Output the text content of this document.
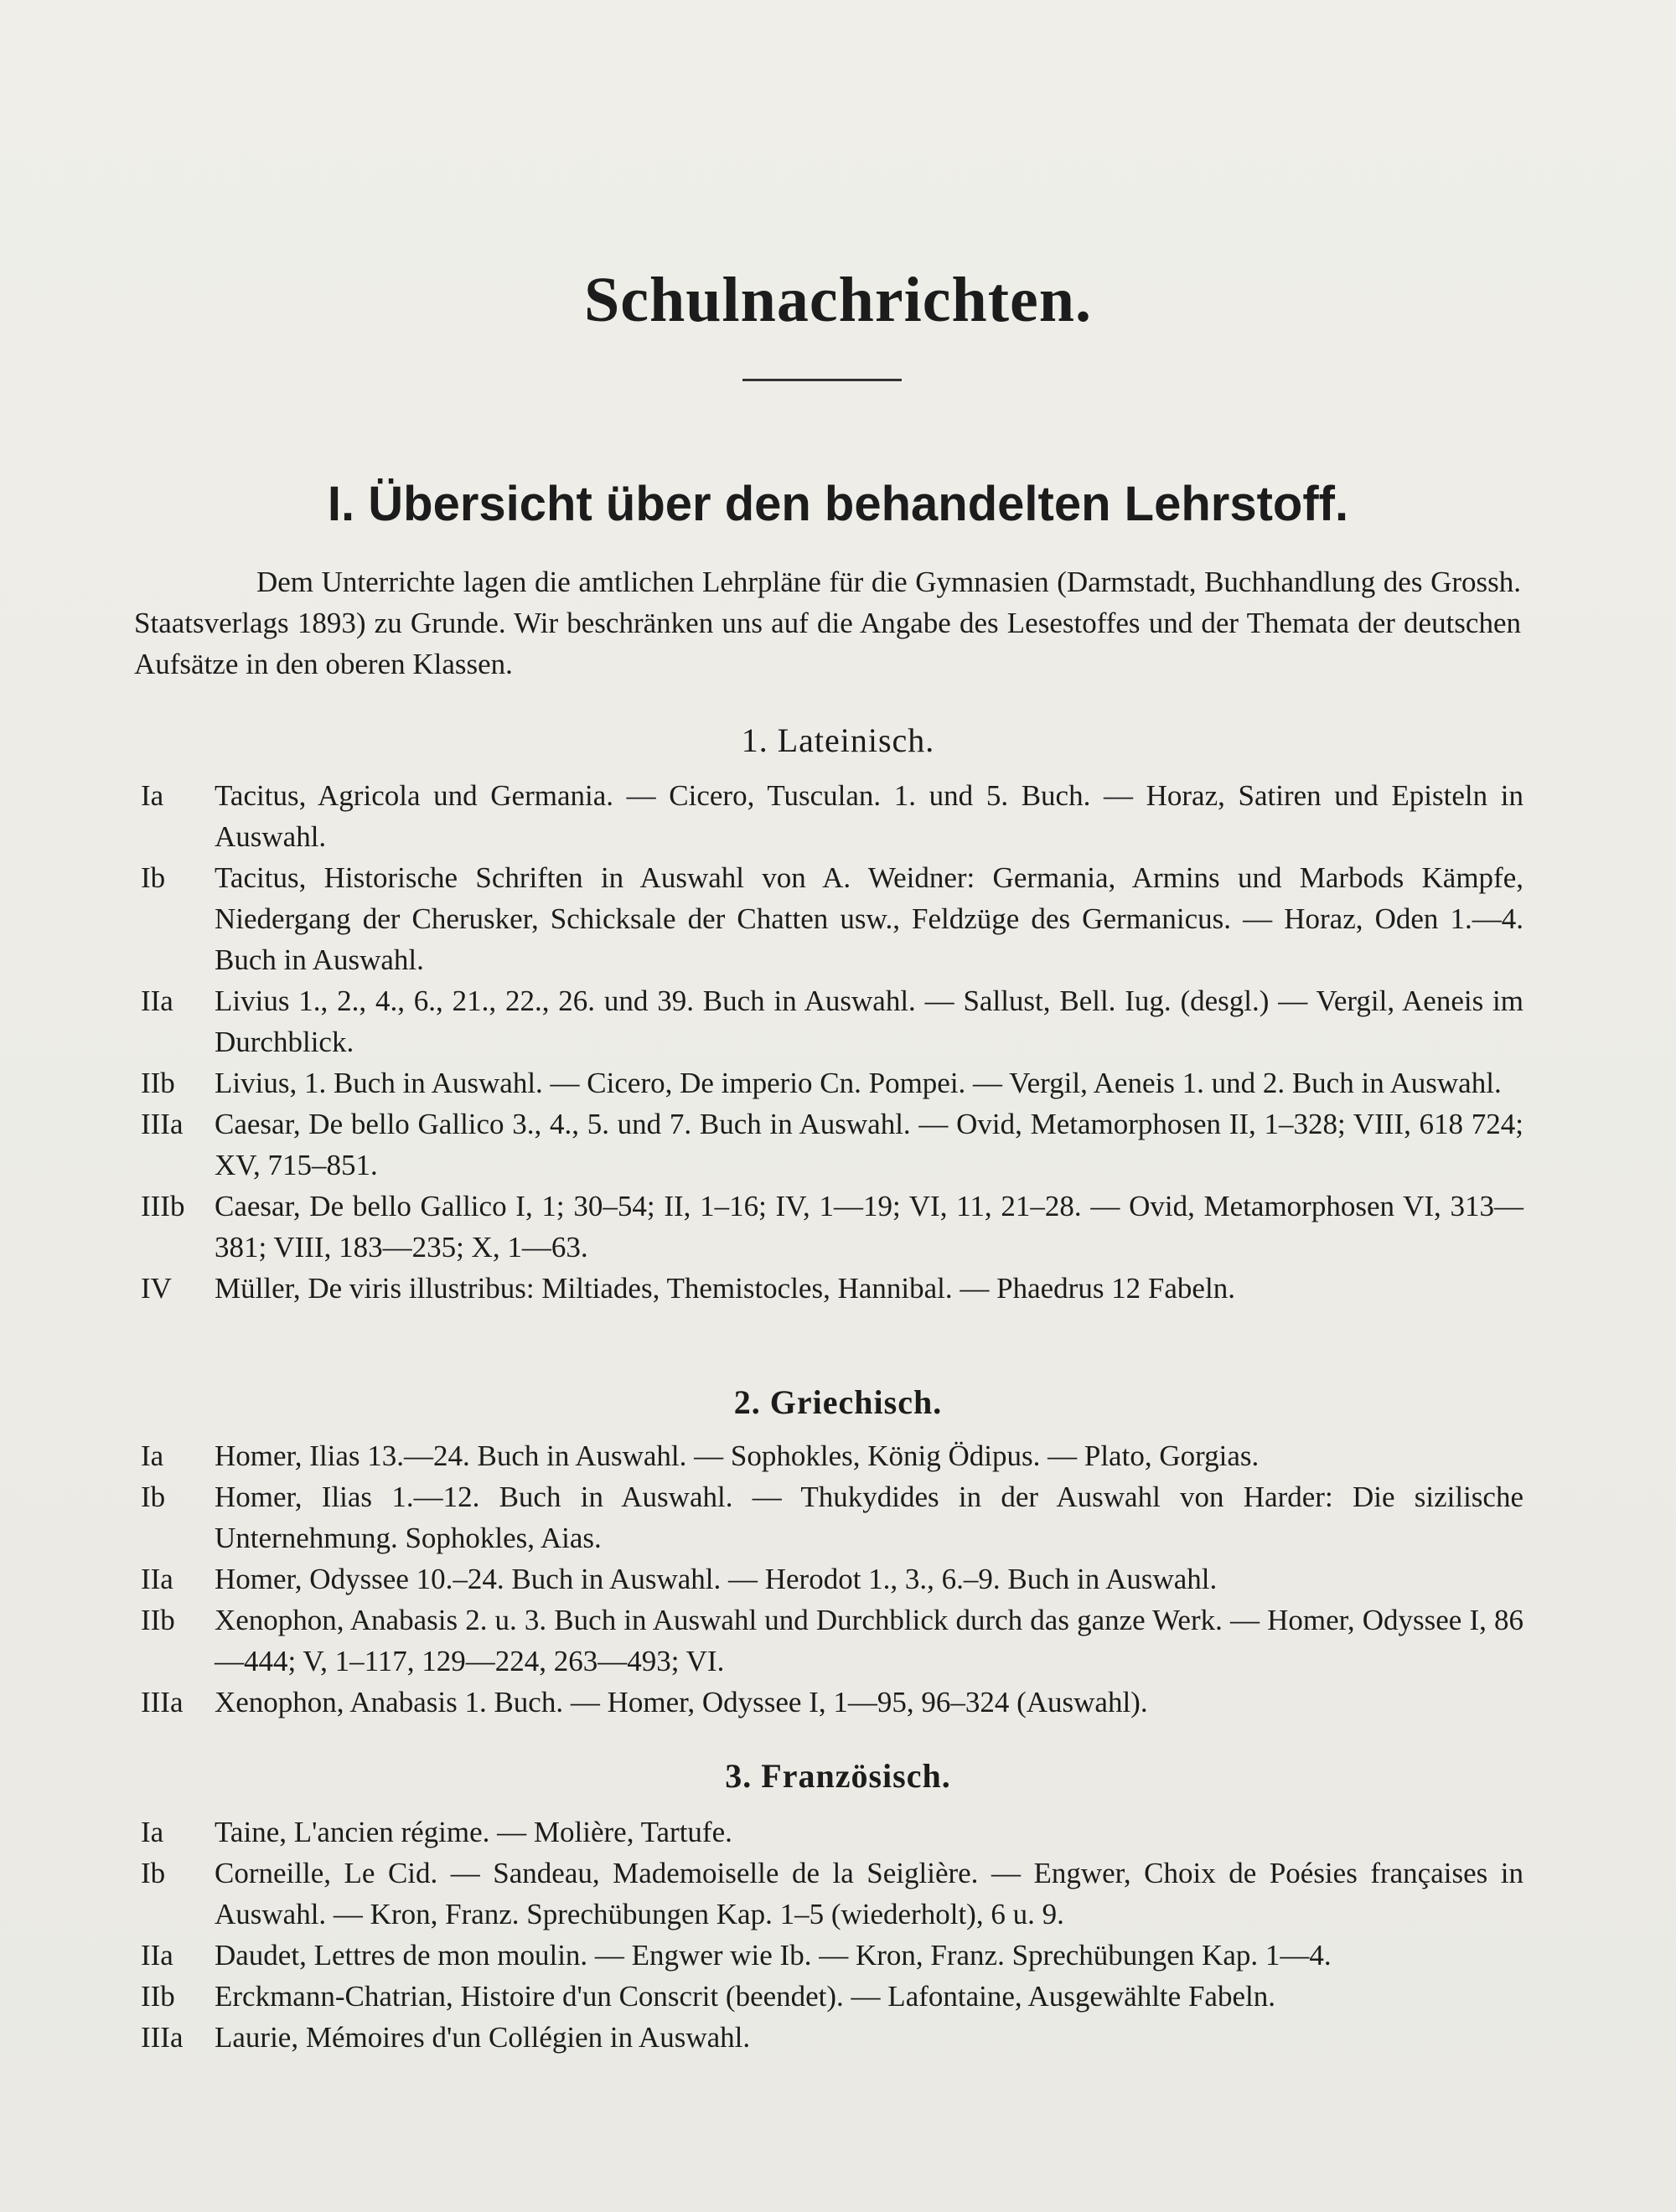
Schulnachrichten.
I. Übersicht über den behandelten Lehrstoff.
Dem Unterrichte lagen die amtlichen Lehrpläne für die Gymnasien (Darmstadt, Buchhandlung des Grossh. Staatsverlags 1893) zu Grunde. Wir beschränken uns auf die Angabe des Lesestoffes und der Themata der deutschen Aufsätze in den oberen Klassen.
1. Lateinisch.
Ia	Tacitus, Agricola und Germania. — Cicero, Tusculan. 1. und 5. Buch. — Horaz, Satiren und Episteln in Auswahl.
Ib	Tacitus, Historische Schriften in Auswahl von A. Weidner: Germania, Armins und Marbods Kämpfe, Niedergang der Cherusker, Schicksale der Chatten usw., Feldzüge des Germanicus. — Horaz, Oden 1.—4. Buch in Auswahl.
IIa	Livius 1., 2., 4., 6., 21., 22., 26. und 39. Buch in Auswahl. — Sallust, Bell. Iug. (desgl.) — Vergil, Aeneis im Durchblick.
IIb	Livius, 1. Buch in Auswahl. — Cicero, De imperio Cn. Pompei. — Vergil, Aeneis 1. und 2. Buch in Auswahl.
IIIa	Caesar, De bello Gallico 3., 4., 5. und 7. Buch in Auswahl. — Ovid, Metamorphosen II, 1–328; VIII, 618 724; XV, 715–851.
IIIb	Caesar, De bello Gallico I, 1; 30–54; II, 1–16; IV, 1—19; VI, 11, 21–28. — Ovid, Metamorphosen VI, 313—381; VIII, 183—235; X, 1—63.
IV	Müller, De viris illustribus: Miltiades, Themistocles, Hannibal. — Phaedrus 12 Fabeln.
2. Griechisch.
Ia	Homer, Ilias 13.—24. Buch in Auswahl. — Sophokles, König Ödipus. — Plato, Gorgias.
Ib	Homer, Ilias 1.—12. Buch in Auswahl. — Thukydides in der Auswahl von Harder: Die sizilische Unternehmung. Sophokles, Aias.
IIa	Homer, Odyssee 10.–24. Buch in Auswahl. — Herodot 1., 3., 6.–9. Buch in Auswahl.
IIb	Xenophon, Anabasis 2. u. 3. Buch in Auswahl und Durchblick durch das ganze Werk. — Homer, Odyssee I, 86—444; V, 1–117, 129—224, 263—493; VI.
IIIa	Xenophon, Anabasis 1. Buch. — Homer, Odyssee I, 1—95, 96–324 (Auswahl).
3. Französisch.
Ia	Taine, L'ancien régime. — Molière, Tartufe.
Ib	Corneille, Le Cid. — Sandeau, Mademoiselle de la Seiglière. — Engwer, Choix de Poésies françaises in Auswahl. — Kron, Franz. Sprechübungen Kap. 1–5 (wiederholt), 6 u. 9.
IIa	Daudet, Lettres de mon moulin. — Engwer wie Ib. — Kron, Franz. Sprechübungen Kap. 1—4.
IIb	Erckmann-Chatrian, Histoire d'un Conscrit (beendet). — Lafontaine, Ausgewählte Fabeln.
IIIa	Laurie, Mémoires d'un Collégien in Auswahl.
